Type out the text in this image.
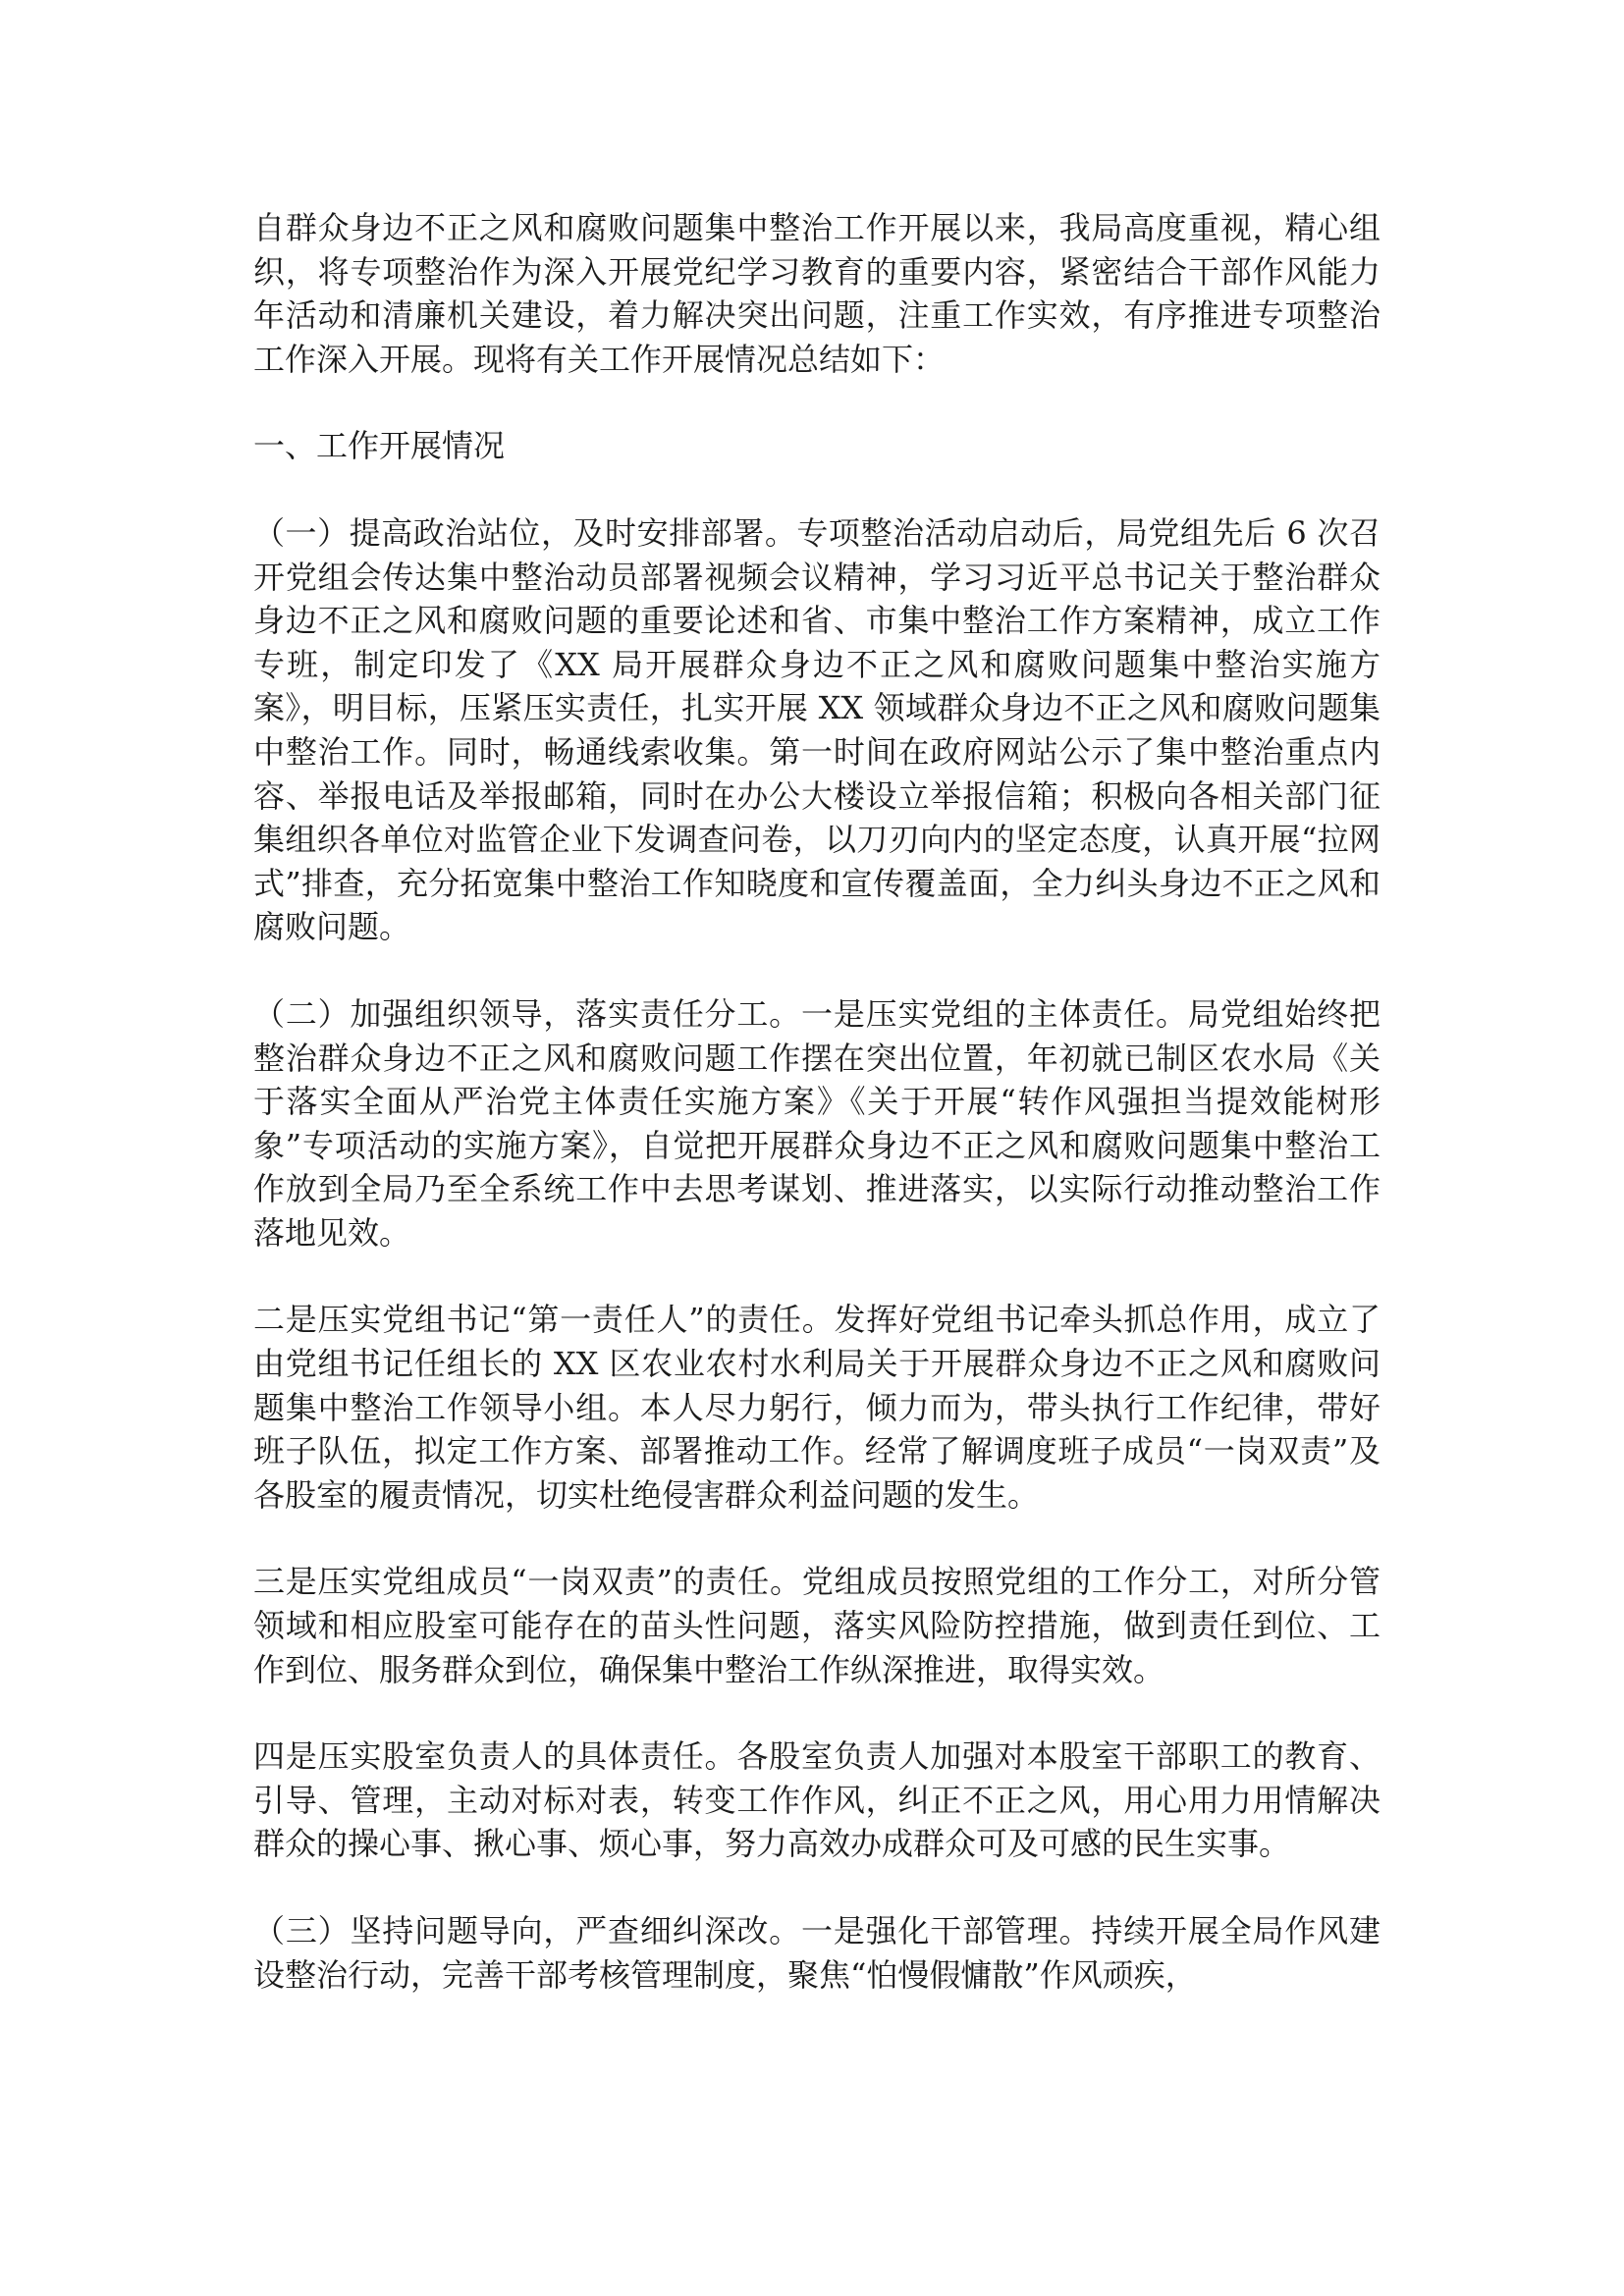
自群众身边不正之风和腐败问题集中整治工作开展以来，我局高度重视，精心组织，将专项整治作为深入开展党纪学习教育的重要内容，紧密结合干部作风能力年活动和清廉机关建设，着力解决突出问题，注重工作实效，有序推进专项整治工作深入开展。现将有关工作开展情况总结如下：

一、工作开展情况

（一）提高政治站位，及时安排部署。专项整治活动启动后，局党组先后 6 次召开党组会传达集中整治动员部署视频会议精神，学习习近平总书记关于整治群众身边不正之风和腐败问题的重要论述和省、市集中整治工作方案精神，成立工作专班，制定印发了《XX 局开展群众身边不正之风和腐败问题集中整治实施方案》，明目标，压紧压实责任，扎实开展 XX 领域群众身边不正之风和腐败问题集中整治工作。同时，畅通线索收集。第一时间在政府网站公示了集中整治重点内容、举报电话及举报邮箱，同时在办公大楼设立举报信箱；积极向各相关部门征集组织各单位对监管企业下发调查问卷，以刀刃向内的坚定态度，认真开展“拉网式”排查，充分拓宽集中整治工作知晓度和宣传覆盖面，全力纠头身边不正之风和腐败问题。

（二）加强组织领导，落实责任分工。一是压实党组的主体责任。局党组始终把整治群众身边不正之风和腐败问题工作摆在突出位置，年初就已制区农水局《关于落实全面从严治党主体责任实施方案》《关于开展“转作风强担当提效能树形象”专项活动的实施方案》，自觉把开展群众身边不正之风和腐败问题集中整治工作放到全局乃至全系统工作中去思考谋划、推进落实，以实际行动推动整治工作落地见效。

二是压实党组书记“第一责任人”的责任。发挥好党组书记牵头抓总作用，成立了由党组书记任组长的 XX 区农业农村水利局关于开展群众身边不正之风和腐败问题集中整治工作领导小组。本人尽力躬行，倾力而为，带头执行工作纪律，带好班子队伍，拟定工作方案、部署推动工作。经常了解调度班子成员“一岗双责”及各股室的履责情况，切实杜绝侵害群众利益问题的发生。

三是压实党组成员“一岗双责”的责任。党组成员按照党组的工作分工，对所分管领域和相应股室可能存在的苗头性问题，落实风险防控措施，做到责任到位、工作到位、服务群众到位，确保集中整治工作纵深推进，取得实效。

四是压实股室负责人的具体责任。各股室负责人加强对本股室干部职工的教育、引导、管理，主动对标对表，转变工作作风，纠正不正之风，用心用力用情解决群众的操心事、揪心事、烦心事，努力高效办成群众可及可感的民生实事。

（三）坚持问题导向，严查细纠深改。一是强化干部管理。持续开展全局作风建设整治行动，完善干部考核管理制度，聚焦“怕慢假慵散”作风顽疾，
